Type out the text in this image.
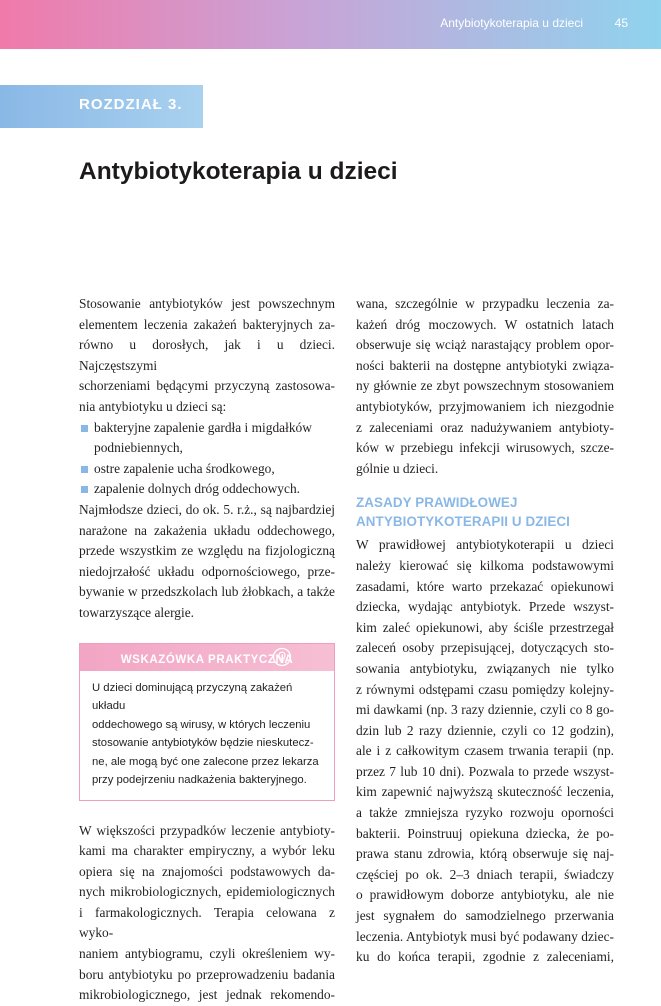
Antybiotykoterapia u dzieci	45
ROZDZIAŁ 3.
Antybiotykoterapia u dzieci
Stosowanie antybiotyków jest powszechnym
elementem leczenia zakażeń bakteryjnych za-
równo u dorosłych, jak i u dzieci. Najczęstszymi
schorzeniami będącymi przyczyną zastosowa-
nia antybiotyku u dzieci są:
bakteryjne zapalenie gardła i migdałków podniebiennych,
ostre zapalenie ucha środkowego,
zapalenie dolnych dróg oddechowych.
Najmłodsze dzieci, do ok. 5. r.ż., są najbardziej
narażone na zakażenia układu oddechowego,
przede wszystkim ze względu na fizjologiczną
niedojrzałość układu odpornościowego, prze-
bywanie w przedszkolach lub żłobkach, a także
towarzyszące alergie.
WSKAZÓWKA PRAKTYCZNA
U dzieci dominującą przyczyną zakażeń układu
oddechowego są wirusy, w których leczeniu
stosowanie antybiotyków będzie nieskutecz-
ne, ale mogą być one zalecone przez lekarza
przy podejrzeniu nadkażenia bakteryjnego.
W większości przypadków leczenie antybioty-
kami ma charakter empiryczny, a wybór leku
opiera się na znajomości podstawowych da-
nych mikrobiologicznych, epidemiologicznych
i farmakologicznych. Terapia celowana z wyko-
naniem antybiogramu, czyli określeniem wy-
boru antybiotyku po przeprowadzeniu badania
mikrobiologicznego, jest jednak rekomendo-
wana, szczególnie w przypadku leczenia za-
każeń dróg moczowych. W ostatnich latach
obserwuje się wciąż narastający problem opor-
ności bakterii na dostępne antybiotyki związa-
ny głównie ze zbyt powszechnym stosowaniem
antybiotyków, przyjmowaniem ich niezgodnie
z zaleceniami oraz nadużywaniem antybioty-
ków w przebiegu infekcji wirusowych, szcze-
gólnie u dzieci.
ZASADY PRAWIDŁOWEJ
ANTYBIOTYKOTERAPII U DZIECI
W prawidłowej antybiotykoterapii u dzieci
należy kierować się kilkoma podstawowymi
zasadami, które warto przekazać opiekunowi
dziecka, wydając antybiotyk. Przede wszyst-
kim zaleć opiekunowi, aby ściśle przestrzegał
zaleceń osoby przepisującej, dotyczących sto-
sowania antybiotyku, związanych nie tylko
z równymi odstępami czasu pomiędzy kolejny-
mi dawkami (np. 3 razy dziennie, czyli co 8 go-
dzin lub 2 razy dziennie, czyli co 12 godzin),
ale i z całkowitym czasem trwania terapii (np.
przez 7 lub 10 dni). Pozwala to przede wszyst-
kim zapewnić najwyższą skuteczność leczenia,
a także zmniejsza ryzyko rozwoju oporności
bakterii. Poinstruuj opiekuna dziecka, że po-
prawa stanu zdrowia, którą obserwuje się naj-
częściej po ok. 2–3 dniach terapii, świadczy
o prawidłowym doborze antybiotyku, ale nie
jest sygnałem do samodzielnego przerwania
leczenia. Antybiotyk musi być podawany dziec-
ku do końca terapii, zgodnie z zaleceniami,
